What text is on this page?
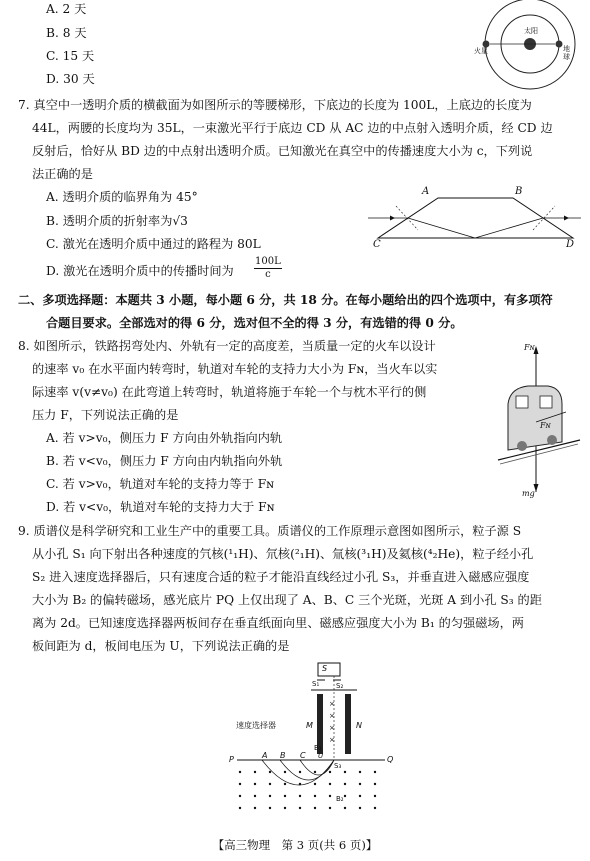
A. 2 天
B. 8 天
C. 15 天
D. 30 天
太阳
火星	地球
7. 真空中一透明介质的横截面为如图所示的等腰梯形，下底边的长度为 100L，上底边的长度为
44L，两腰的长度均为 35L，一束激光平行于底边 CD 从 AC 边的中点射入透明介质，经 CD 边
反射后，恰好从 BD 边的中点射出透明介质。已知激光在真空中的传播速度大小为 c，下列说
法正确的是
A. 透明介质的临界角为 45°
B. 透明介质的折射率为√3
C. 激光在透明介质中通过的路程为 80L
D. 激光在透明介质中的传播时间为 $\frac{100L}{c}$
A	B
C	D
二、多项选择题：本题共 3 小题，每小题 6 分，共 18 分。在每小题给出的四个选项中，有多项符
合题目要求。全部选对的得 6 分，选对但不全的得 3 分，有选错的得 0 分。
8. 如图所示，铁路拐弯处内、外轨有一定的高度差，当质量一定的火车以设计
的速率 v₀ 在水平面内转弯时，轨道对车轮的支持力大小为 Fɴ，当火车以实
际速率 v(v≠v₀) 在此弯道上转弯时，轨道将施于车轮一个与枕木平行的侧
压力 F，下列说法正确的是
A. 若 v>v₀，侧压力 F 方向由外轨指向内轨
B. 若 v<v₀，侧压力 F 方向由内轨指向外轨
C. 若 v>v₀，轨道对车轮的支持力等于 Fɴ
D. 若 v<v₀，轨道对车轮的支持力大于 Fɴ
Fɴ
Fɴ
mg
9. 质谱仪是科学研究和工业生产中的重要工具。质谱仪的工作原理示意图如图所示，粒子源 S
从小孔 S₁ 向下射出各种速度的氕核(¹₁H)、氘核(²₁H)、氚核(³₁H)及氦核(⁴₂He)，粒子经小孔
S₂ 进入速度选择器后，只有速度合适的粒子才能沿直线经过小孔 S₃，并垂直进入磁感应强度
大小为 B₂ 的偏转磁场，感光底片 PQ 上仅出现了 A、B、C 三个光斑，光斑 A 到小孔 S₃ 的距
离为 2d。已知速度选择器两板间存在垂直纸面向里、磁感应强度大小为 B₁ 的匀强磁场，两
板间距为 d，板间电压为 U，下列说法正确的是
×
×
×
×
S
S₁ S₂
S₃
速度选择器	M	N
B₁
U
A B C
P	Q
B₂
【高三物理　第 3 页(共 6 页)】
